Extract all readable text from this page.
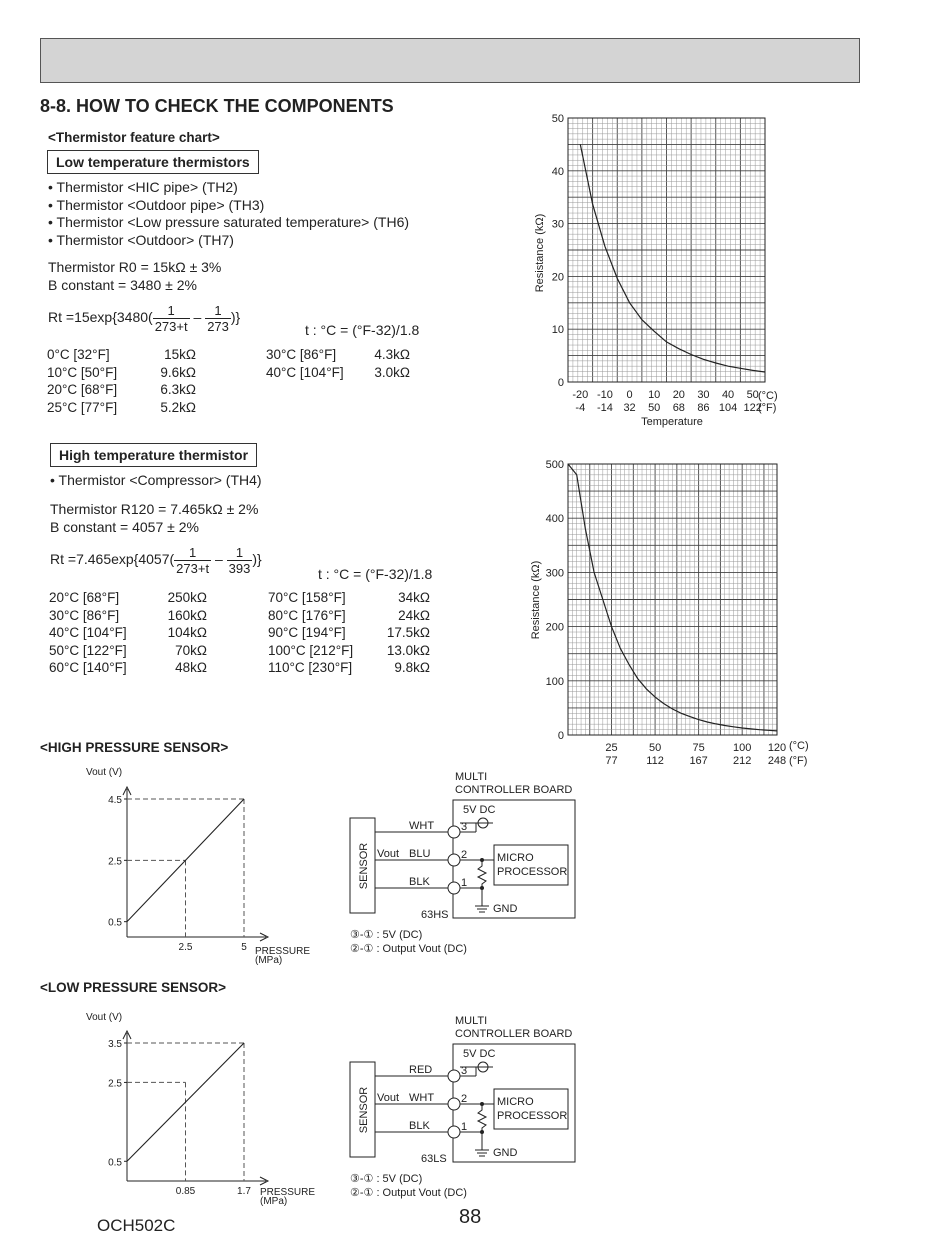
8-8. HOW TO CHECK THE COMPONENTS
<Thermistor feature chart>
Low temperature thermistors
• Thermistor <HIC pipe> (TH2)
• Thermistor <Outdoor pipe> (TH3)
• Thermistor <Low pressure saturated temperature> (TH6)
• Thermistor <Outdoor> (TH7)
Thermistor R0 = 15kΩ ± 3%
B constant = 3480 ± 2%
$Rt =15\exp\{3480( \frac{1}{273+t} - \frac{1}{273}$ )}
t : °C = (°F-32)/1.8
0°C [32°F]	15kΩ
10°C [50°F]	9.6kΩ
20°C [68°F]	6.3kΩ
25°C [77°F]	5.2kΩ
30°C [86°F]	4.3kΩ
40°C [104°F]	3.0kΩ
High temperature thermistor
• Thermistor <Compressor> (TH4)
Thermistor R120 = 7.465kΩ ± 2%
B constant = 4057 ± 2%
$Rt =7.465\exp\{4057( \frac{1}{273+t} - \frac{1}{393}$ )}
t : °C = (°F-32)/1.8
20°C [68°F]	250kΩ
30°C [86°F]	160kΩ
40°C [104°F]	104kΩ
50°C [122°F]	70kΩ
60°C [140°F]	48kΩ
70°C [158°F]	34kΩ
80°C [176°F]	24kΩ
90°C [194°F]	17.5kΩ
100°C [212°F]	13.0kΩ
110°C [230°F]	9.8kΩ
<HIGH PRESSURE SENSOR>
<LOW PRESSURE SENSOR>
0
10
20
30
40
50
-20
-4
-10
-14
0
32
10
50
20
68
30
86
40
104
50
122
Resistance (kΩ)
Temperature
(°C)
(°F)
0
100
200
300
400
500
25
77
50
112
75
167
100
212
120
248
Resistance (kΩ)
(°C)
(°F)
0.5
2.5
4.5
2.5	5
Vout (V)
PRESSURE
(MPa)
0.5
2.5
3.5
0.85	1.7
Vout (V)
PRESSURE
(MPa)
MULTI
CONTROLLER BOARD
5V DC
SENSOR
WHT
Vout BLU
BLK
3
2
1
GND
MICRO
PROCESSOR
63HS
③-① : 5V (DC)
②-① : Output Vout (DC)
MULTI
CONTROLLER BOARD
5V DC
SENSOR
RED
Vout WHT
BLK
3
2
1
GND
MICRO
PROCESSOR
63LS
③-① : 5V (DC)
②-① : Output Vout (DC)
OCH502C	88
